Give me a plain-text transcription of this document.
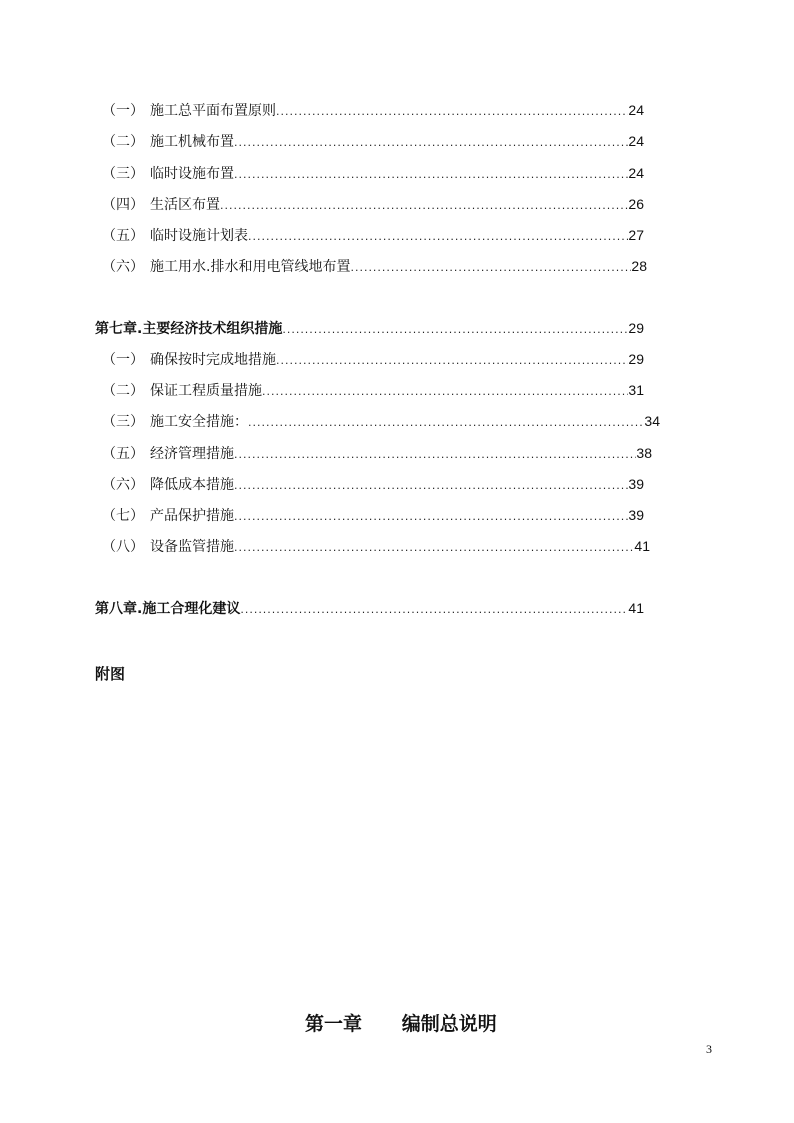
（一） 施工总平面布置原则 .....	24
（二） 施工机械布置 .....	24
（三） 临时设施布置 .....	24
（四） 生活区布置 .....	26
（五） 临时设施计划表 .....	27
（六） 施工用水.排水和用电管线地布置 .....	28
第七章.主要经济技术组织措施 .....	29
（一） 确保按时完成地措施 .....	29
（二） 保证工程质量措施 .....	31
（三） 施工安全措施： .....	34
（五） 经济管理措施 .....	38
（六） 降低成本措施 .....	39
（七） 产品保护措施 .....	39
（八） 设备监管措施 .....	41
第八章.施工合理化建议 .....	41
附图
第一章      编制总说明
3
